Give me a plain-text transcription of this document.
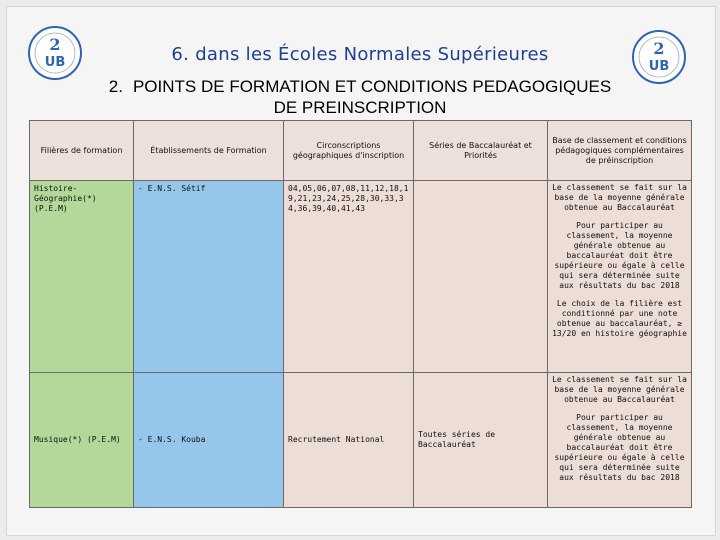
2
UB
2
UB
6. dans les Écoles Normales Supérieures
2. POINTS DE FORMATION ET CONDITIONS PEDAGOGIQUES
DE PREINSCRIPTION
Filières de formation	Établissements de Formation	Circonscriptions géographiques d'inscription	Séries de Baccalauréat et Priorités	Base de classement et conditions pédagogiques complémentaires de préinscription
Histoire-Géographie(*) (P.E.M)	- E.N.S. Sétif	04,05,06,07,08,11,12,18,19,21,23,24,25,28,30,33,34,36,39,40,41,43		Le classement se fait sur la base de la moyenne générale obtenue au Baccalauréat
Pour participer au classement, la moyenne générale obtenue au baccalauréat doit être supérieure ou égale à celle qui sera déterminée suite aux résultats du bac 2018
Le choix de la filière est conditionné par une note obtenue au baccalauréat, ≥ 13/20 en histoire géographie

Musique(*) (P.E.M)	- E.N.S. Kouba	Recrutement National	Toutes séries de Baccalauréat	Le classement se fait sur la base de la moyenne générale obtenue au Baccalauréat
Pour participer au classement, la moyenne générale obtenue au baccalauréat doit être supérieure ou égale à celle qui sera déterminée suite aux résultats du bac 2018
